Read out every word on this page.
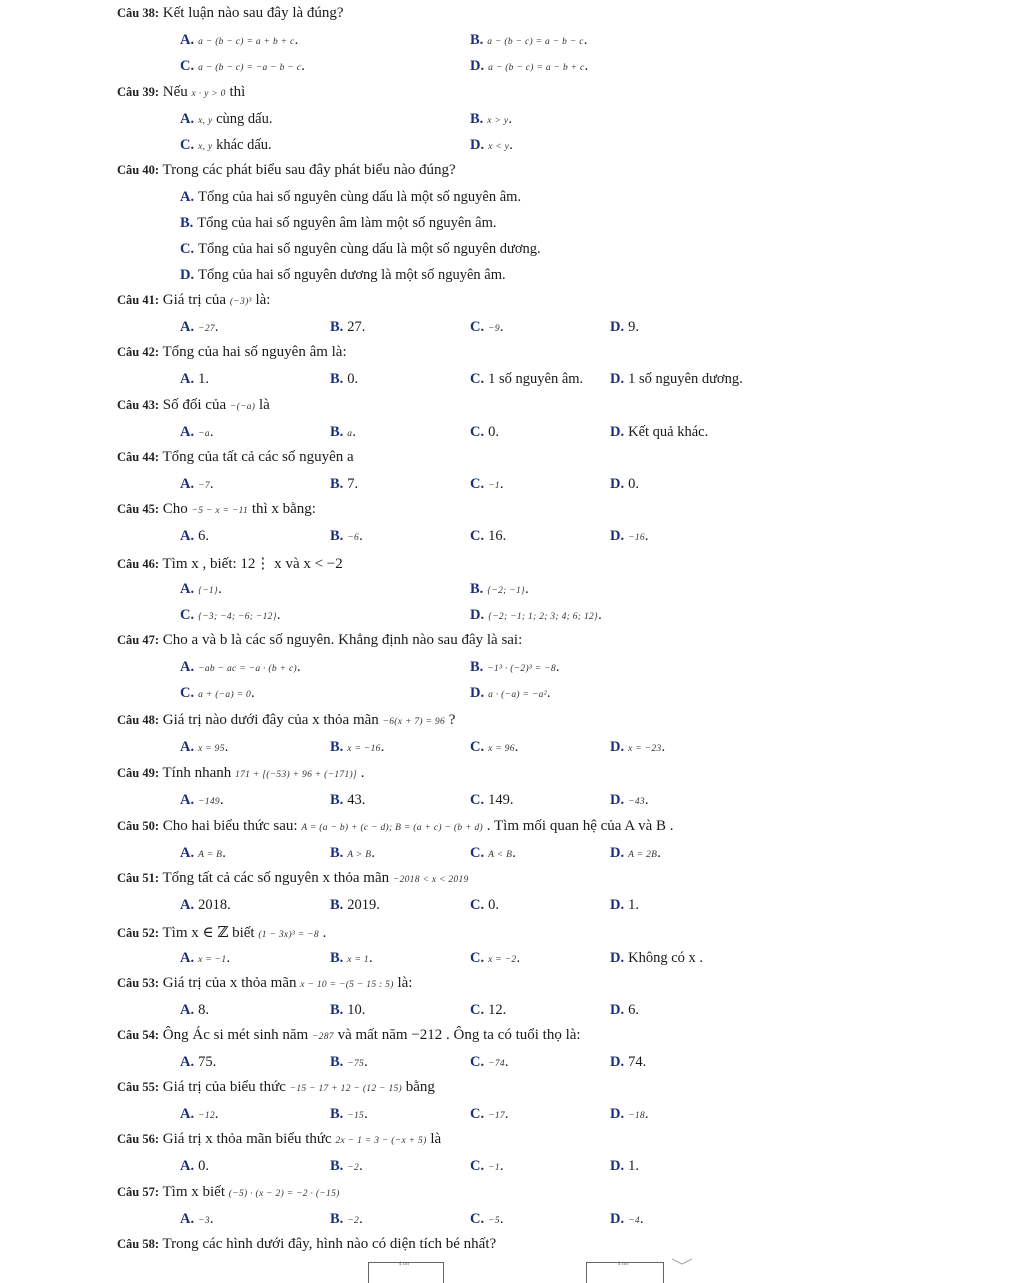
Câu 38: Kết luận nào sau đây là đúng?
A. a − (b − c) = a + b + c.	B. a − (b − c) = a − b − c.
C. a − (b − c) = −a − b − c.	D. a − (b − c) = a − b + c.
Câu 39: Nếu x · y > 0 thì
A. x, y cùng dấu.	B. x > y.
C. x, y khác dấu.	D. x < y.
Câu 40: Trong các phát biểu sau đây phát biểu nào đúng?
A. Tổng của hai số nguyên cùng dấu là một số nguyên âm.
B. Tổng của hai số nguyên âm làm một số nguyên âm.
C. Tổng của hai số nguyên cùng dấu là một số nguyên dương.
D. Tổng của hai số nguyên dương là một số nguyên âm.
Câu 41: Giá trị của (−3)³ là:
A. −27.	B. 27.	C. −9.	D. 9.
Câu 42: Tổng của hai số nguyên âm là:
A. 1.	B. 0.	C. 1 số nguyên âm. D. 1 số nguyên dương.
Câu 43: Số đối của −(−a) là
A. −a.	B. a.	C. 0.	D. Kết quả khác.
Câu 44: Tổng của tất cả các số nguyên a
A. −7.	B. 7.	C. −1.	D. 0.
Câu 45: Cho −5 − x = −11 thì x bằng:
A. 6.	B. −6.	C. 16.	D. −16.
Câu 46: Tìm x , biết: 12⋮ x và x < −2
A. {−1}.	B. {−2; −1}.
C. {−3; −4; −6; −12}.	D. {−2; −1; 1; 2; 3; 4; 6; 12}.
Câu 47: Cho a và b là các số nguyên. Khẳng định nào sau đây là sai:
A. −ab − ac = −a · (b + c).	B. −1³ · (−2)³ = −8.
C. a + (−a) = 0.	D. a · (−a) = −a².
Câu 48: Giá trị nào dưới đây của x thỏa mãn −6(x + 7) = 96 ?
A. x = 95.	B. x = −16.	C. x = 96.	D. x = −23.
Câu 49: Tính nhanh 171 + [(−53) + 96 + (−171)] .
A. −149.	B. 43.	C. 149.	D. −43.
Câu 50: Cho hai biểu thức sau: A = (a − b) + (c − d); B = (a + c) − (b + d) . Tìm mối quan hệ của A và B .
A. A = B.	B. A > B.	C. A < B.	D. A = 2B.
Câu 51: Tổng tất cả các số nguyên x thỏa mãn −2018 < x < 2019
A. 2018.	B. 2019.	C. 0.	D. 1.
Câu 52: Tìm x ∈ ℤ biết (1 − 3x)³ = −8 .
A. x = −1.	B. x = 1.	C. x = −2.	D. Không có x .
Câu 53: Giá trị của x thỏa mãn x − 10 = −(5 − 15 : 5) là:
A. 8.	B. 10.	C. 12.	D. 6.
Câu 54: Ông Ác si mét sinh năm −287 và mất năm −212 . Ông ta có tuổi thọ là:
A. 75.	B. −75.	C. −74.	D. 74.
Câu 55: Giá trị của biểu thức −15 − 17 + 12 − (12 − 15) bằng
A. −12.	B. −15.	C. −17.	D. −18.
Câu 56: Giá trị x thỏa mãn biểu thức 2x − 1 = 3 − (−x + 5) là
A. 0.	B. −2.	C. −1.	D. 1.
Câu 57: Tìm x biết (−5) · (x − 2) = −2 · (−15)
A. −3.	B. −2.	C. −5.	D. −4.
Câu 58: Trong các hình dưới đây, hình nào có diện tích bé nhất?
4 cm	4 cm
